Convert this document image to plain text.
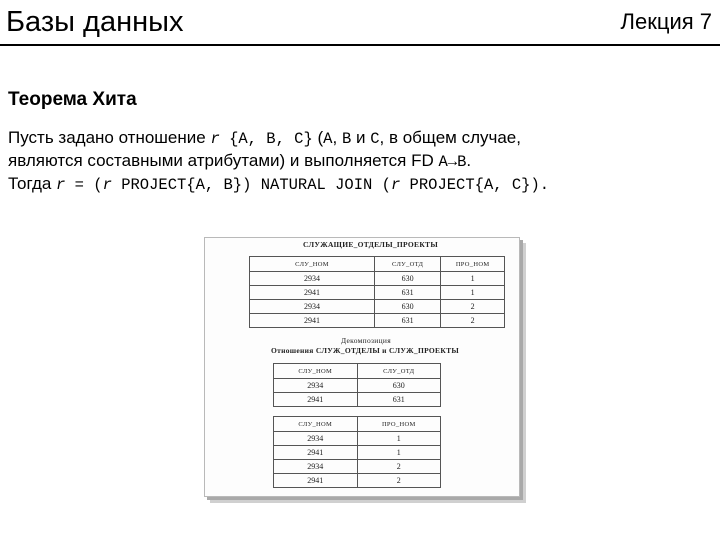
Базы данных	Лекция 7
Теорема Хита
Пусть задано отношение r {A, B, C} (A, B и C, в общем случае,
являются составными атрибутами) и выполняется FD A→B.
Тогда r = (r PROJECT{A, B}) NATURAL JOIN (r PROJECT{A, C}).
СЛУЖАЩИЕ_ОТДЕЛЫ_ПРОЕКТЫ
СЛУ_НОМ	СЛУ_ОТД	ПРО_НОМ
2934	630	1
2941	631	1
2934	630	2
2941	631	2
Декомпозиция
Отношения СЛУЖ_ОТДЕЛЫ и СЛУЖ_ПРОЕКТЫ
СЛУ_НОМ	СЛУ_ОТД
2934	630
2941	631
СЛУ_НОМ	ПРО_НОМ
2934	1
2941	1
2934	2
2941	2
